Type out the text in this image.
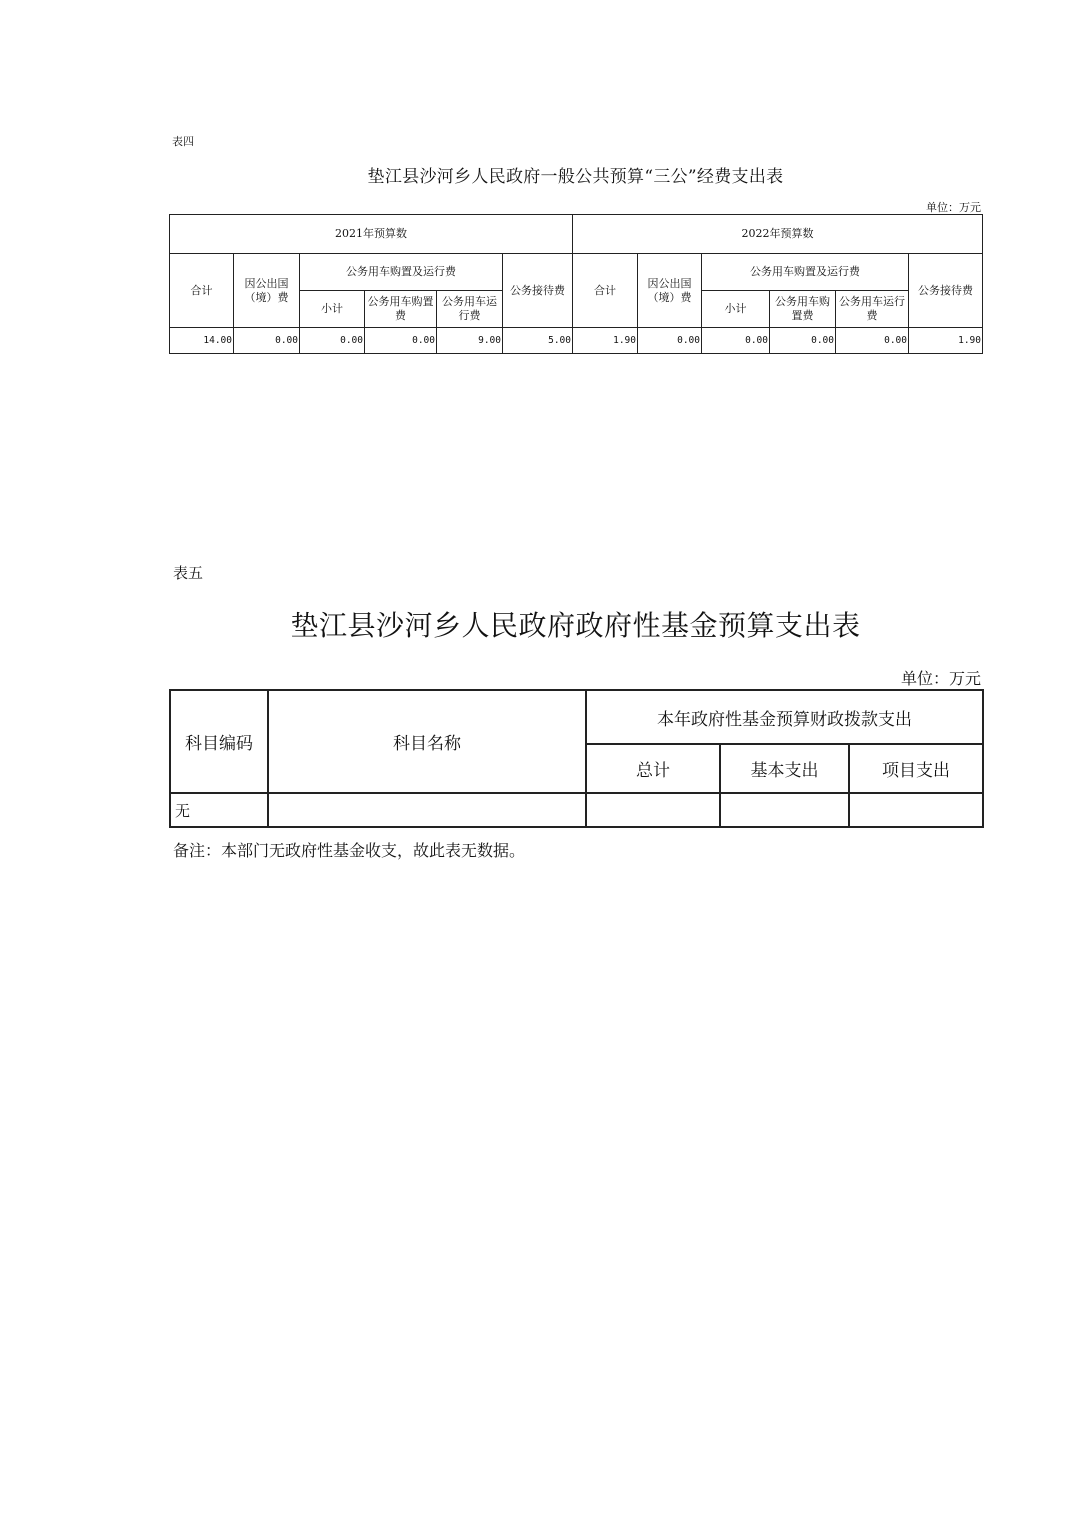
表四
垫江县沙河乡人民政府一般公共预算“三公”经费支出表
单位：万元
2021年预算数						2022年预算数					
合计	因公出国（境）费	公务用车购置及运行费			公务接待费	合计	因公出国（境）费	公务用车购置及运行费			公务接待费
		小计	公务用车购置费	公务用车运行费				小计	公务用车购置费	公务用车运行费	
14.00	0.00	0.00	0.00	9.00	5.00	1.90	0.00	0.00	0.00	0.00	1.90
表五
垫江县沙河乡人民政府政府性基金预算支出表
单位：万元
科目编码	科目名称	本年政府性基金预算财政拨款支出		
		总计	基本支出	项目支出
无				
备注：本部门无政府性基金收支，故此表无数据。
